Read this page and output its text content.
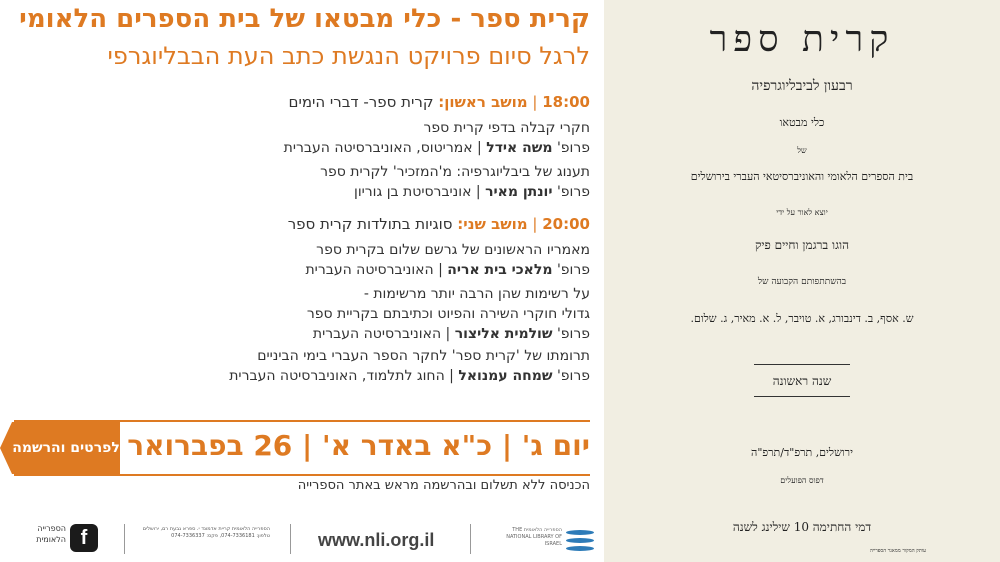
קרית ספר - כלי מבטאו של בית הספרים הלאומי
לרגל סיום פרויקט הנגשת כתב העת הבבליוגרפי
18:00 | מושב ראשון: קרית ספר- דברי הימים
חקרי קבלה בדפי קרית ספר
פרופ' משה אידל | אמריטוס, האוניברסיטה העברית
תענוג של ביבליוגרפיה: מ'המזכיר' לקרית ספר
פרופ' יונתן מאיר | אוניברסיטת בן גוריון
20:00 | מושב שני: סוגיות בתולדות קרית ספר
מאמריו הראשונים של גרשם שלום בקרית ספר
פרופ' מלאכי בית אריה | האוניברסיטה העברית
על רשימות שהן הרבה יותר מרשימות -
גדולי חוקרי השירה והפיוט וכתיבתם בקריית ספר
פרופ' שולמית אליצור | האוניברסיטה העברית
תרומתו של 'קרית ספר' לחקר הספר העברי בימי הביניים
פרופ' שמחה עמנואל | החוג לתלמוד, האוניברסיטה העברית
יום ג' | כ"א באדר א' | 26 בפברואר
לפרטים והרשמה
הכניסה ללא תשלום ובהרשמה מראש באתר הספרייה
הספרייה הלאומית f	הספרייה הלאומית קריית אדמונד י. ספרא גבעת רם, ירושלים טלפון: 074-7336181, פקס: 074-7336337	www.nli.org.il	הספרייה הלאומית THE NATIONAL LIBRARY OF ISRAEL
קרית ספר
רבעון לביבליוגרפיה
כלי מבטאו
של
בית הספרים הלאומי והאוניברסיטאי העברי בירושלים
יוצא לאור על ידי
הוגו ברגמן וחיים פיק
בהשתתפותם הקבועה של
ש. אסף, ב. דינבורג, א. טויבר, ל. א. מאיר, ג. שלום.
שנה ראשונה
ירושלים, תרפ"ד/תרפ"ה
דפוס הפועלים
דמי החתימה 10 שילינג לשנה
עותק המקור ממאגר הספרייה
